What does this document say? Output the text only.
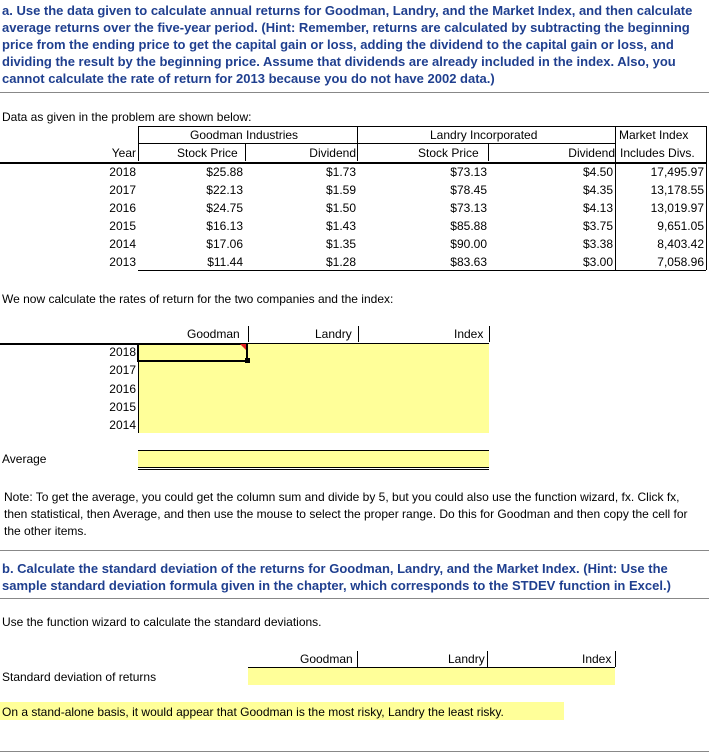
a. Use the data given to calculate annual returns for Goodman, Landry, and the Market Index, and then calculate average returns over the five-year period. (Hint: Remember, returns are calculated by subtracting the beginning price from the ending price to get the capital gain or loss, adding the dividend to the capital gain or loss, and dividing the result by the beginning price. Assume that dividends are already included in the index. Also, you cannot calculate the rate of return for 2013 because you do not have 2002 data.)
Data as given in the problem are shown below:
Goodman Industries	Landry Incorporated	Market Index
Year	Stock Price	Dividend	Stock Price	Dividend Includes Divs.
2018	$25.88	$1.73	$73.13	$4.50	17,495.97
2017	$22.13	$1.59	$78.45	$4.35	13,178.55
2016	$24.75	$1.50	$73.13	$4.13	13,019.97
2015	$16.13	$1.43	$85.88	$3.75	9,651.05
2014	$17.06	$1.35	$90.00	$3.38	8,403.42
2013	$11.44	$1.28	$83.63	$3.00	7,058.96
We now calculate the rates of return for the two companies and the index:
Goodman	Landry	Index
2018
2017
2016
2015
2014
Average
Note: To get the average, you could get the column sum and divide by 5, but you could also use the function wizard, fx. Click fx, then statistical, then Average, and then use the mouse to select the proper range. Do this for Goodman and then copy the cell for the other items.
b. Calculate the standard deviation of the returns for Goodman, Landry, and the Market Index. (Hint: Use the sample standard deviation formula given in the chapter, which corresponds to the STDEV function in Excel.)
Use the function wizard to calculate the standard deviations.
Goodman	Landry	Index
Standard deviation of returns
On a stand-alone basis, it would appear that Goodman is the most risky, Landry the least risky.
